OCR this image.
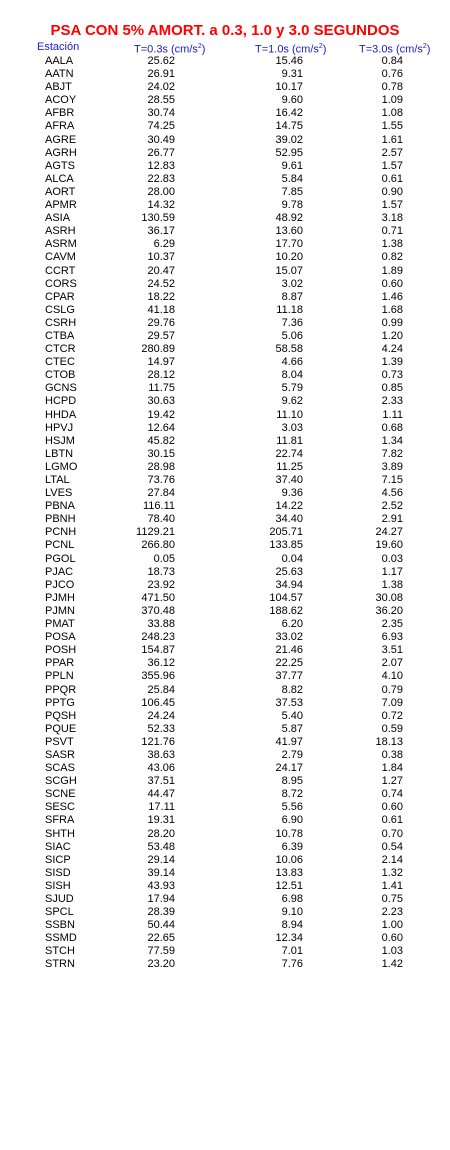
PSA CON 5% AMORT. a 0.3, 1.0 y 3.0 SEGUNDOS
Estación	T=0.3s $(cm/s^2)$	T=1.0s $(cm/s^2)$	T=3.0s $(cm/s^2)$
AALA	25.62	15.46	0.84
AATN	26.91	9.31	0.76
ABJT	24.02	10.17	0.78
ACOY	28.55	9.60	1.09
AFBR	30.74	16.42	1.08
AFRA	74.25	14.75	1.55
AGRE	30.49	39.02	1.61
AGRH	26.77	52.95	2.57
AGTS	12.83	9.61	1.57
ALCA	22.83	5.84	0.61
AORT	28.00	7.85	0.90
APMR	14.32	9.78	1.57
ASIA	130.59	48.92	3.18
ASRH	36.17	13.60	0.71
ASRM	6.29	17.70	1.38
CAVM	10.37	10.20	0.82
CCRT	20.47	15.07	1.89
CORS	24.52	3.02	0.60
CPAR	18.22	8.87	1.46
CSLG	41.18	11.18	1.68
CSRH	29.76	7.36	0.99
CTBA	29.57	5.06	1.20
CTCR	280.89	58.58	4.24
CTEC	14.97	4.66	1.39
CTOB	28.12	8.04	0.73
GCNS	11.75	5.79	0.85
HCPD	30.63	9.62	2.33
HHDA	19.42	11.10	1.11
HPVJ	12.64	3.03	0.68
HSJM	45.82	11.81	1.34
LBTN	30.15	22.74	7.82
LGMO	28.98	11.25	3.89
LTAL	73.76	37.40	7.15
LVES	27.84	9.36	4.56
PBNA	116.11	14.22	2.52
PBNH	78.40	34.40	2.91
PCNH	1129.21	205.71	24.27
PCNL	266.80	133.85	19.60
PGOL	0.05	0.04	0.03
PJAC	18.73	25.63	1.17
PJCO	23.92	34.94	1.38
PJMH	471.50	104.57	30.08
PJMN	370.48	188.62	36.20
PMAT	33.88	6.20	2.35
POSA	248.23	33.02	6.93
POSH	154.87	21.46	3.51
PPAR	36.12	22.25	2.07
PPLN	355.96	37.77	4.10
PPQR	25.84	8.82	0.79
PPTG	106.45	37.53	7.09
PQSH	24.24	5.40	0.72
PQUE	52.33	5.87	0.59
PSVT	121.76	41.97	18.13
SASR	38.63	2.79	0.38
SCAS	43.06	24.17	1.84
SCGH	37.51	8.95	1.27
SCNE	44.47	8.72	0.74
SESC	17.11	5.56	0.60
SFRA	19.31	6.90	0.61
SHTH	28.20	10.78	0.70
SIAC	53.48	6.39	0.54
SICP	29.14	10.06	2.14
SISD	39.14	13.83	1.32
SISH	43.93	12.51	1.41
SJUD	17.94	6.98	0.75
SPCL	28.39	9.10	2.23
SSBN	50.44	8.94	1.00
SSMD	22.65	12.34	0.60
STCH	77.59	7.01	1.03
STRN	23.20	7.76	1.42
